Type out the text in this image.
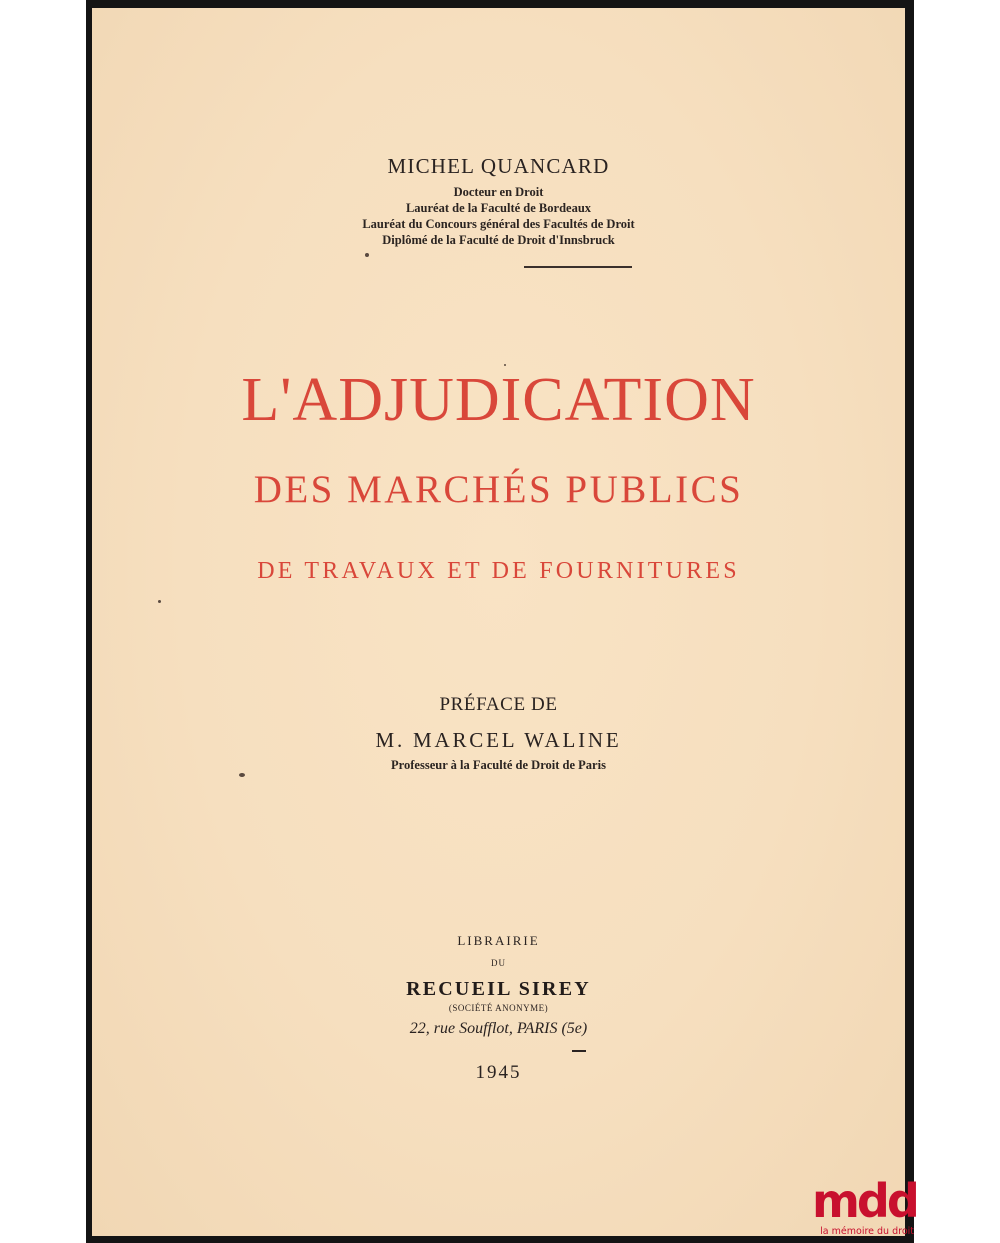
MICHEL QUANCARD
Docteur en Droit
Lauréat de la Faculté de Bordeaux
Lauréat du Concours général des Facultés de Droit
Diplômé de la Faculté de Droit d'Innsbruck
L'ADJUDICATION
DES MARCHÉS PUBLICS
DE TRAVAUX ET DE FOURNITURES
PRÉFACE DE
M. MARCEL WALINE
Professeur à la Faculté de Droit de Paris
LIBRAIRIE
DU
RECUEIL SIREY
(SOCIÉTÉ ANONYME)
22, rue Soufflot, PARIS (5e)
1945
mdd
la mémoire du droit
